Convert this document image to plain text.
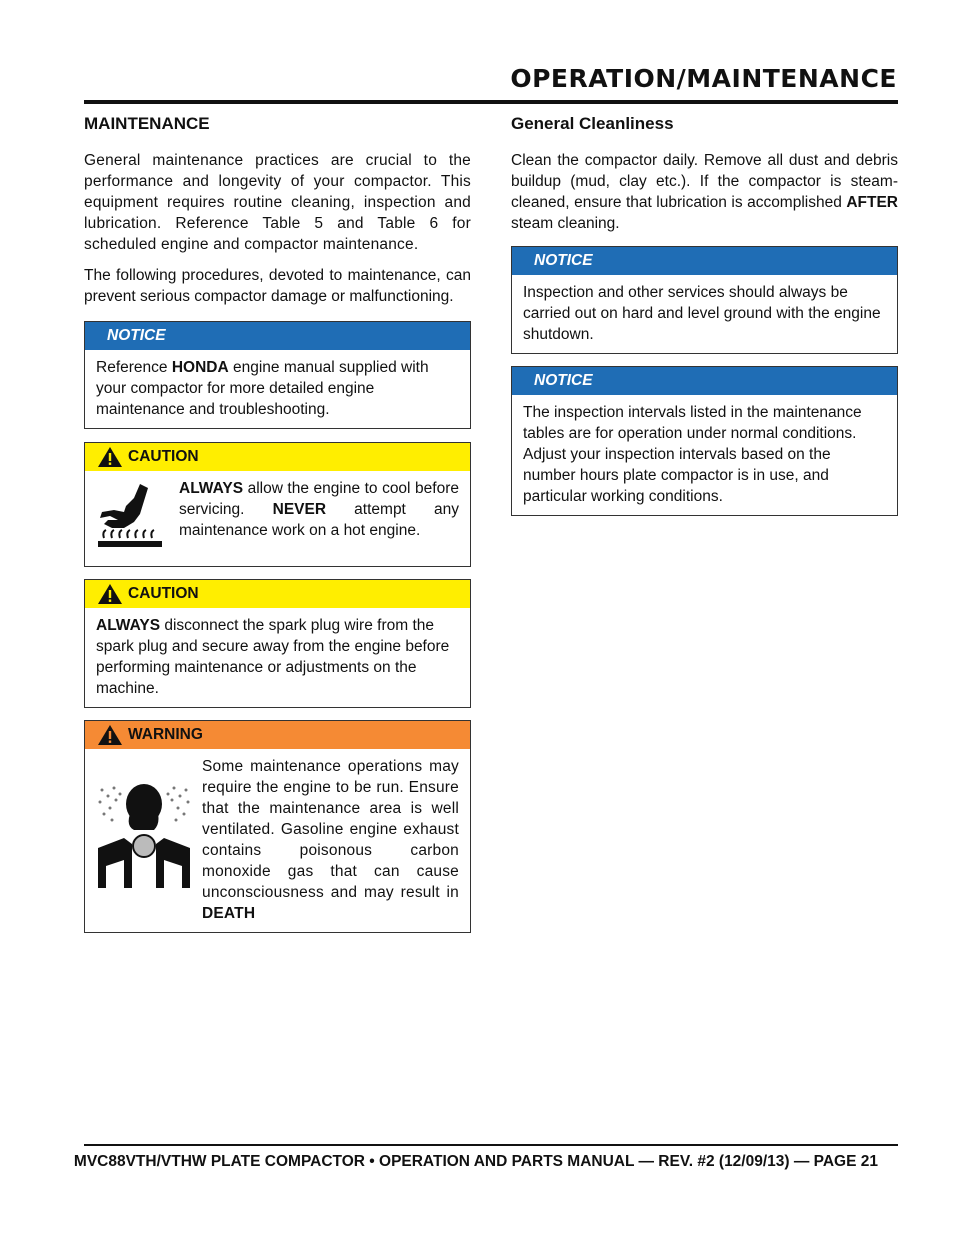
OPERATION/MAINTENANCE
MAINTENANCE

General maintenance practices are crucial to the performance and longevity of your compactor. This equipment requires routine cleaning, inspection and lubrication. Reference Table 5 and Table 6 for scheduled engine and compactor maintenance.

The following procedures, devoted to maintenance, can prevent serious compactor damage or malfunctioning.

NOTICE
Reference HONDA engine manual supplied with your compactor for more detailed engine maintenance and troubleshooting.
CAUTION
ALWAYS allow the engine to cool before servicing. NEVER attempt any maintenance work on a hot engine.
CAUTION
ALWAYS disconnect the spark plug wire from the spark plug and secure away from the engine before performing maintenance or adjustments on the machine.
WARNING
Some maintenance operations may require the engine to be run. Ensure that the maintenance area is well ventilated. Gasoline engine exhaust contains poisonous carbon monoxide gas that can cause unconsciousness and may result in DEATH
General Cleanliness

Clean the compactor daily. Remove all dust and debris buildup (mud, clay etc.). If the compactor is steam-cleaned, ensure that lubrication is accomplished AFTER steam cleaning.

NOTICE
Inspection and other services should always be carried out on hard and level ground with the engine shutdown.
NOTICE
The inspection intervals listed in the maintenance tables are for operation under normal conditions. Adjust your inspection intervals based on the number hours plate compactor is in use, and particular working conditions.
MVC88VTH/VTHW PLATE COMPACTOR • OPERATION AND PARTS MANUAL — REV. #2 (12/09/13) — PAGE 21
